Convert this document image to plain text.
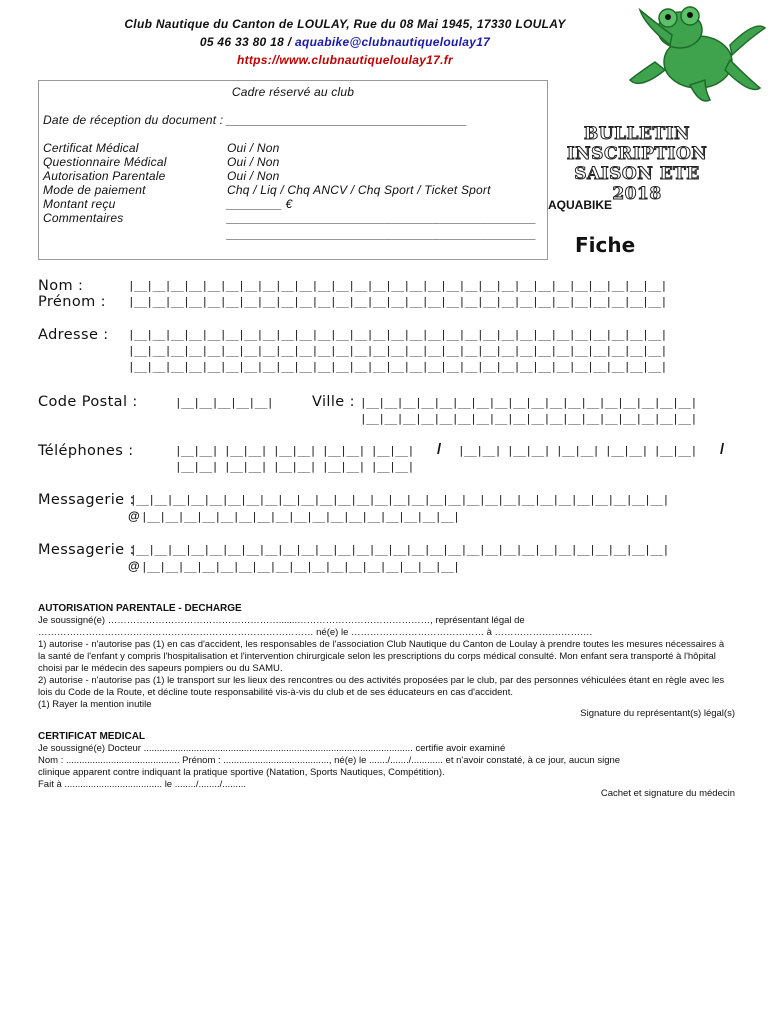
Club Nautique du Canton de LOULAY, Rue du 08 Mai 1945, 17330 LOULAY
05 46 33 80 18 / aquabike@clubnautiqueloulay17
https://www.clubnautiqueloulay17.fr
Cadre réservé au club
Date de réception du document : ___________________________________
Certificat Médical	Oui / Non
Questionnaire Médical	Oui / Non
Autorisation Parentale	Oui / Non
Mode de paiement	Chq / Liq / Chq ANCV / Chq Sport / Ticket Sport
Montant reçu	________ €
Commentaires	_____________________________________________
_____________________________________________
BULLETIN
INSCRIPTION
SAISON ETE 2018
AQUABIKE
Fiche
Nom :	|__|__|__|__|__|__|__|__|__|__|__|__|__|__|__|__|__|__|__|__|__|__|__|__|__|__|__|__|__|
Prénom : |__|__|__|__|__|__|__|__|__|__|__|__|__|__|__|__|__|__|__|__|__|__|__|__|__|__|__|__|__|
Adresse : |__|__|__|__|__|__|__|__|__|__|__|__|__|__|__|__|__|__|__|__|__|__|__|__|__|__|__|__|__|
|__|__|__|__|__|__|__|__|__|__|__|__|__|__|__|__|__|__|__|__|__|__|__|__|__|__|__|__|__|
|__|__|__|__|__|__|__|__|__|__|__|__|__|__|__|__|__|__|__|__|__|__|__|__|__|__|__|__|__|
Code Postal :	|__|__|__|__|__|	Ville : |__|__|__|__|__|__|__|__|__|__|__|__|__|__|__|__|__|__|
|__|__|__|__|__|__|__|__|__|__|__|__|__|__|__|__|__|__|
Téléphones :	|__|__| |__|__| |__|__| |__|__| |__|__| / |__|__| |__|__| |__|__| |__|__| |__|__| /
|__|__| |__|__| |__|__| |__|__| |__|__|
Messagerie :
|__|__|__|__|__|__|__|__|__|__|__|__|__|__|__|__|__|__|__|__|__|__|__|__|__|__|__|__|__|
@ |__|__|__|__|__|__|__|__|__|__|__|__|__|__|__|__|__|
Messagerie :
|__|__|__|__|__|__|__|__|__|__|__|__|__|__|__|__|__|__|__|__|__|__|__|__|__|__|__|__|__|
@ |__|__|__|__|__|__|__|__|__|__|__|__|__|__|__|__|__|
AUTORISATION PARENTALE - DECHARGE
Je soussigné(e) ……………………………………………….......……………………………………, représentant légal de
…………………………………………………………………………… né(e) le …………………………………… à ………………………….
1) autorise - n'autorise pas (1) en cas d'accident, les responsables de l'association Club Nautique du Canton de Loulay à prendre toutes les mesures nécessaires à la santé de l'enfant y compris l'hospitalisation et l'intervention chirurgicale selon les prescriptions du corps médical consulté. Mon enfant sera transporté à l'hôpital choisi par le médecin des sapeurs pompiers ou du SAMU.
2) autorise - n'autorise pas (1) le transport sur les lieux des rencontres ou des activités proposées par le club, par des personnes véhiculées étant en règle avec les lois du Code de la Route, et décline toute responsabilité vis-à-vis du club et de ses éducateurs en cas d'accident.
(1) Rayer la mention inutile
Signature du représentant(s) légal(s)
CERTIFICAT MEDICAL
Je soussigné(e) Docteur ...................................................................................................... certifie avoir examiné
Nom : ........................................... Prénom : ........................................, né(e) le ......./......./............ et n'avoir constaté, à ce jour, aucun signe
clinique apparent contre indiquant la pratique sportive (Natation, Sports Nautiques, Compétition).
Fait à ..................................... le ......../......../.........
Cachet et signature du médecin
